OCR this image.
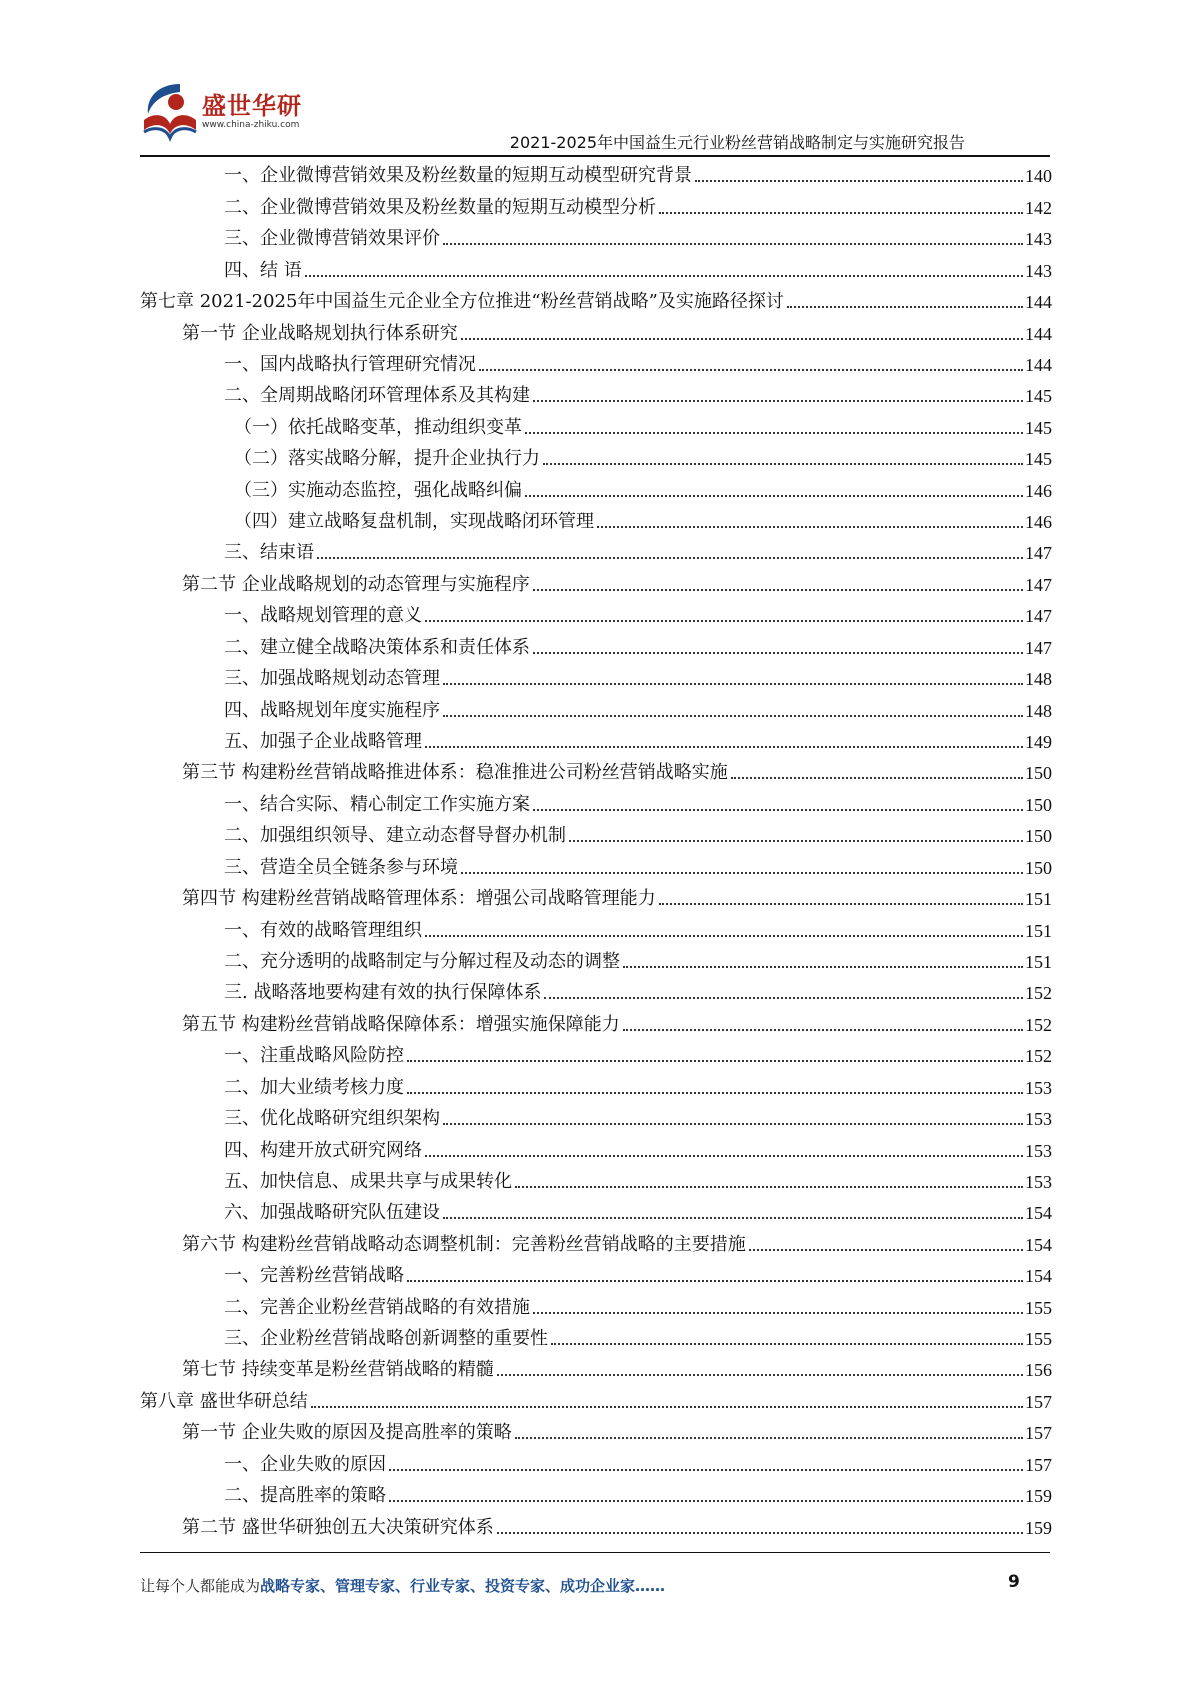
盛世华研
www.china-zhiku.com
2021-2025年中国益生元行业粉丝营销战略制定与实施研究报告
一、企业微博营销效果及粉丝数量的短期互动模型研究背景	140
二、企业微博营销效果及粉丝数量的短期互动模型分析	142
三、企业微博营销效果评价	143
四、结 语	143
第七章 2021-2025年中国益生元企业全方位推进“粉丝营销战略”及实施路径探讨	144
第一节 企业战略规划执行体系研究	144
一、国内战略执行管理研究情况	144
二、全周期战略闭环管理体系及其构建	145
（一）依托战略变革，推动组织变革	145
（二）落实战略分解，提升企业执行力	145
（三）实施动态监控，强化战略纠偏	146
（四）建立战略复盘机制，实现战略闭环管理	146
三、结束语	147
第二节 企业战略规划的动态管理与实施程序	147
一、战略规划管理的意义	147
二、建立健全战略决策体系和责任体系	147
三、加强战略规划动态管理	148
四、战略规划年度实施程序	148
五、加强子企业战略管理	149
第三节 构建粉丝营销战略推进体系：稳准推进公司粉丝营销战略实施	150
一、结合实际、精心制定工作实施方案	150
二、加强组织领导、建立动态督导督办机制	150
三、营造全员全链条参与环境	150
第四节 构建粉丝营销战略管理体系：增强公司战略管理能力	151
一、有效的战略管理组织	151
二、充分透明的战略制定与分解过程及动态的调整	151
三. 战略落地要构建有效的执行保障体系	152
第五节 构建粉丝营销战略保障体系：增强实施保障能力	152
一、注重战略风险防控	152
二、加大业绩考核力度	153
三、优化战略研究组织架构	153
四、构建开放式研究网络	153
五、加快信息、成果共享与成果转化	153
六、加强战略研究队伍建设	154
第六节 构建粉丝营销战略动态调整机制：完善粉丝营销战略的主要措施	154
一、完善粉丝营销战略	154
二、完善企业粉丝营销战略的有效措施	155
三、企业粉丝营销战略创新调整的重要性	155
第七节 持续变革是粉丝营销战略的精髓	156
第八章 盛世华研总结	157
第一节 企业失败的原因及提高胜率的策略	157
一、企业失败的原因	157
二、提高胜率的策略	159
第二节 盛世华研独创五大决策研究体系	159
让每个人都能成为战略专家、管理专家、行业专家、投资专家、成功企业家……	9
